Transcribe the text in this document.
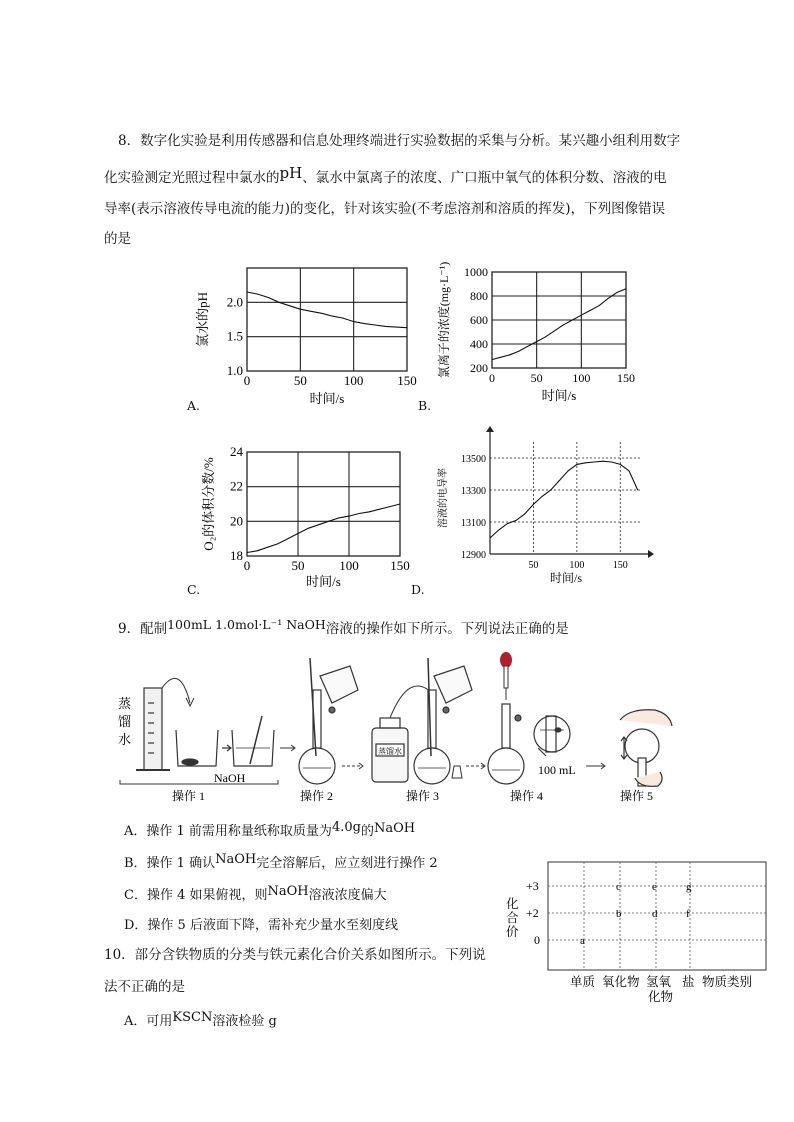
8．数字化实验是利用传感器和信息处理终端进行实验数据的采集与分析。某兴趣小组利用数字
化实验测定光照过程中氯水的pH、氯水中氯离子的浓度、广口瓶中氧气的体积分数、溶液的电
导率(表示溶液传导电流的能力)的变化，针对该实验(不考虑溶剂和溶质的挥发)，下列图像错误
的是
0	50	100	150
1.0
1.5
2.0
时间/s
氯水的pH
A.
0	50 100 150
200
400
600
800
1000
时间/s
氯离子的浓度(mg·L⁻¹)
B.
0	50	100 150
18
20
22
24
时间/s
O₂的体积分数/%
C.
50	100	150
12900
13100
13300
13500
时间/s
溶液的电导率
D.
9．配制100mL 1.0mol·L⁻¹ NaOH溶液的操作如下所示。下列说法正确的是
蒸
馏
水
NaOH
操作 1	操作 2
蒸馏水
操作 3
100 mL
操作 4	操作 5
A．操作 1 前需用称量纸称取质量为4.0g的NaOH
B．操作 1 确认NaOH完全溶解后，应立刻进行操作 2
C．操作 4 如果俯视，则NaOH溶液浓度偏大
D．操作 5 后液面下降，需补充少量水至刻度线
10．部分含铁物质的分类与铁元素化合价关系如图所示。下列说
法不正确的是
A．可用KSCN溶液检验 g
+3
+2
0
化
合
价
a
b
c
d
e
f
g
单质 氧化物 氢氧
化物
盐 物质类别
